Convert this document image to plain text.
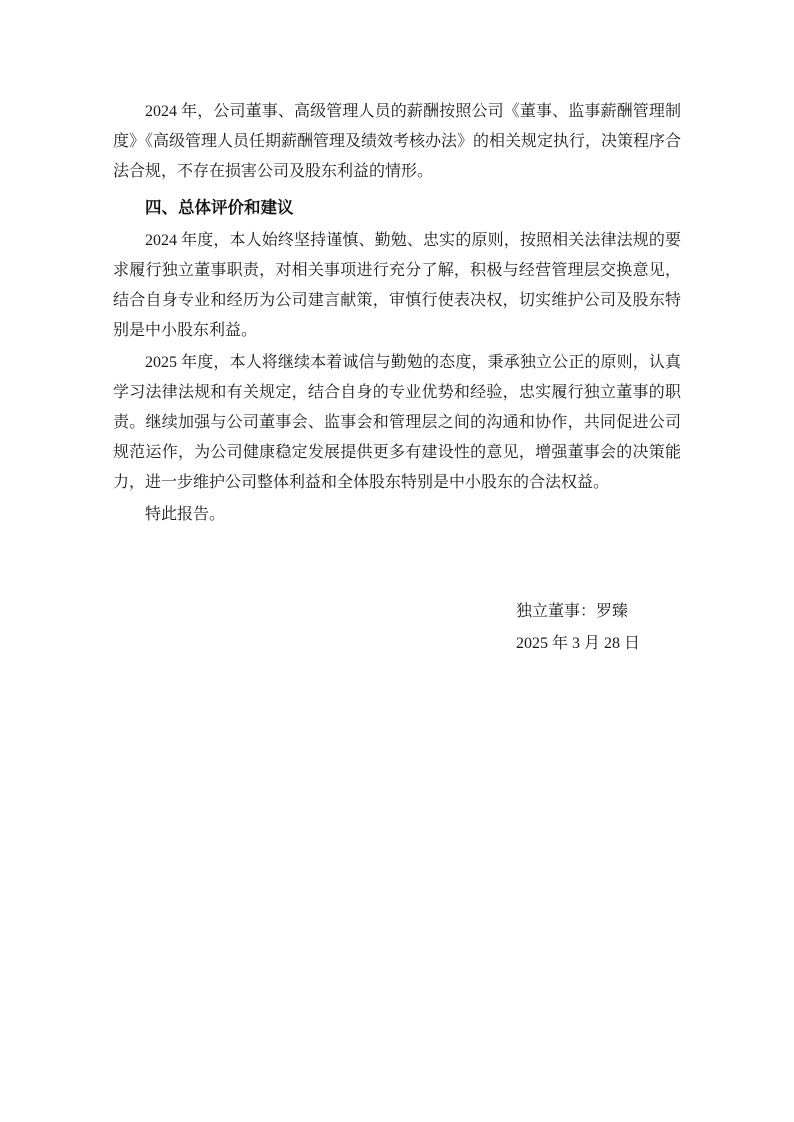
2024 年，公司董事、高级管理人员的薪酬按照公司《董事、监事薪酬管理制度》《高级管理人员任期薪酬管理及绩效考核办法》的相关规定执行，决策程序合法合规，不存在损害公司及股东利益的情形。

四、总体评价和建议

2024 年度，本人始终坚持谨慎、勤勉、忠实的原则，按照相关法律法规的要求履行独立董事职责，对相关事项进行充分了解，积极与经营管理层交换意见，结合自身专业和经历为公司建言献策，审慎行使表决权，切实维护公司及股东特别是中小股东利益。

2025 年度，本人将继续本着诚信与勤勉的态度，秉承独立公正的原则，认真学习法律法规和有关规定，结合自身的专业优势和经验，忠实履行独立董事的职责。继续加强与公司董事会、监事会和管理层之间的沟通和协作，共同促进公司规范运作，为公司健康稳定发展提供更多有建设性的意见，增强董事会的决策能力，进一步维护公司整体利益和全体股东特别是中小股东的合法权益。

特此报告。

独立董事：罗臻
2025 年 3 月 28 日
